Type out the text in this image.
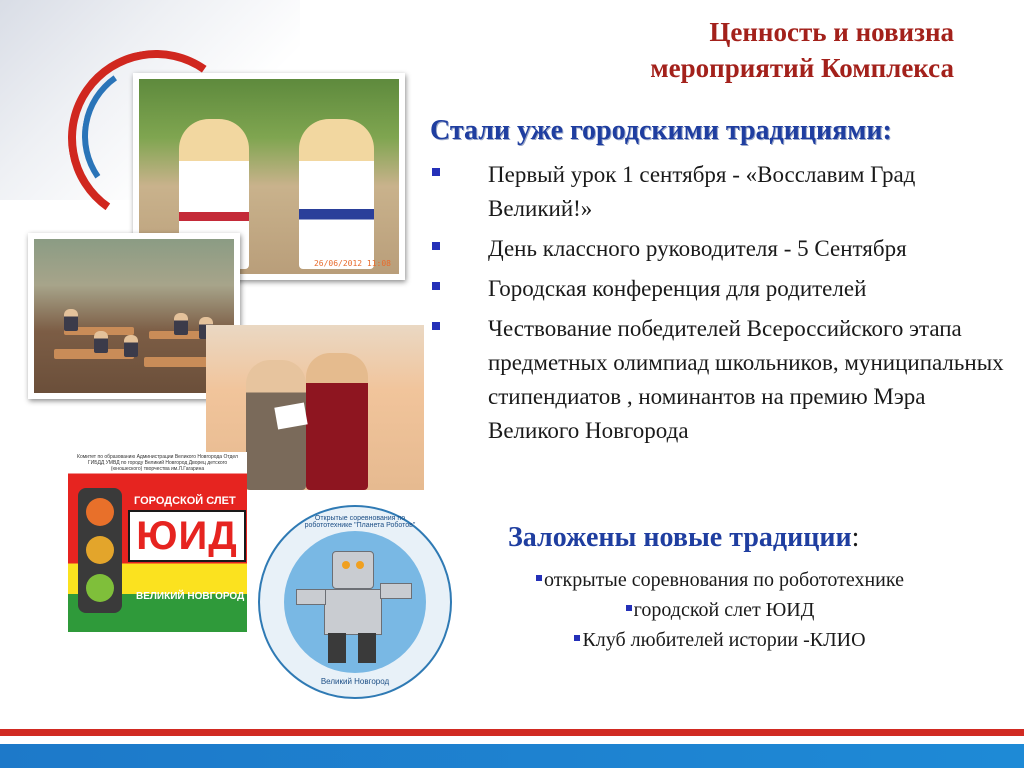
Ценность и новизна
мероприятий Комплекса
26/06/2012 11:08
Комитет по образованию Администрации Великого Новгорода Отдел ГИБДД УМВД по городу Великий Новгород Дворец детского (юношеского) творчества им.Л.Гагарина
ГОРОДСКОЙ СЛЕТ
ЮИД
ВЕЛИКИЙ НОВГОРОД
Открытые соревнования по робототехнике "Планета Роботов"
Великий Новгород
Стали уже городскими традициями:
Первый урок 1 сентября - «Восславим Град Великий!»
День классного руководителя - 5 Сентября
Городская конференция для родителей
Чествование победителей Всероссийского этапа предметных олимпиад школьников, муниципальных стипендиатов , номинантов на премию Мэра Великого Новгорода
Заложены новые традиции:
открытые соревнования по робототехнике
городской слет ЮИД
Клуб любителей истории -КЛИО
